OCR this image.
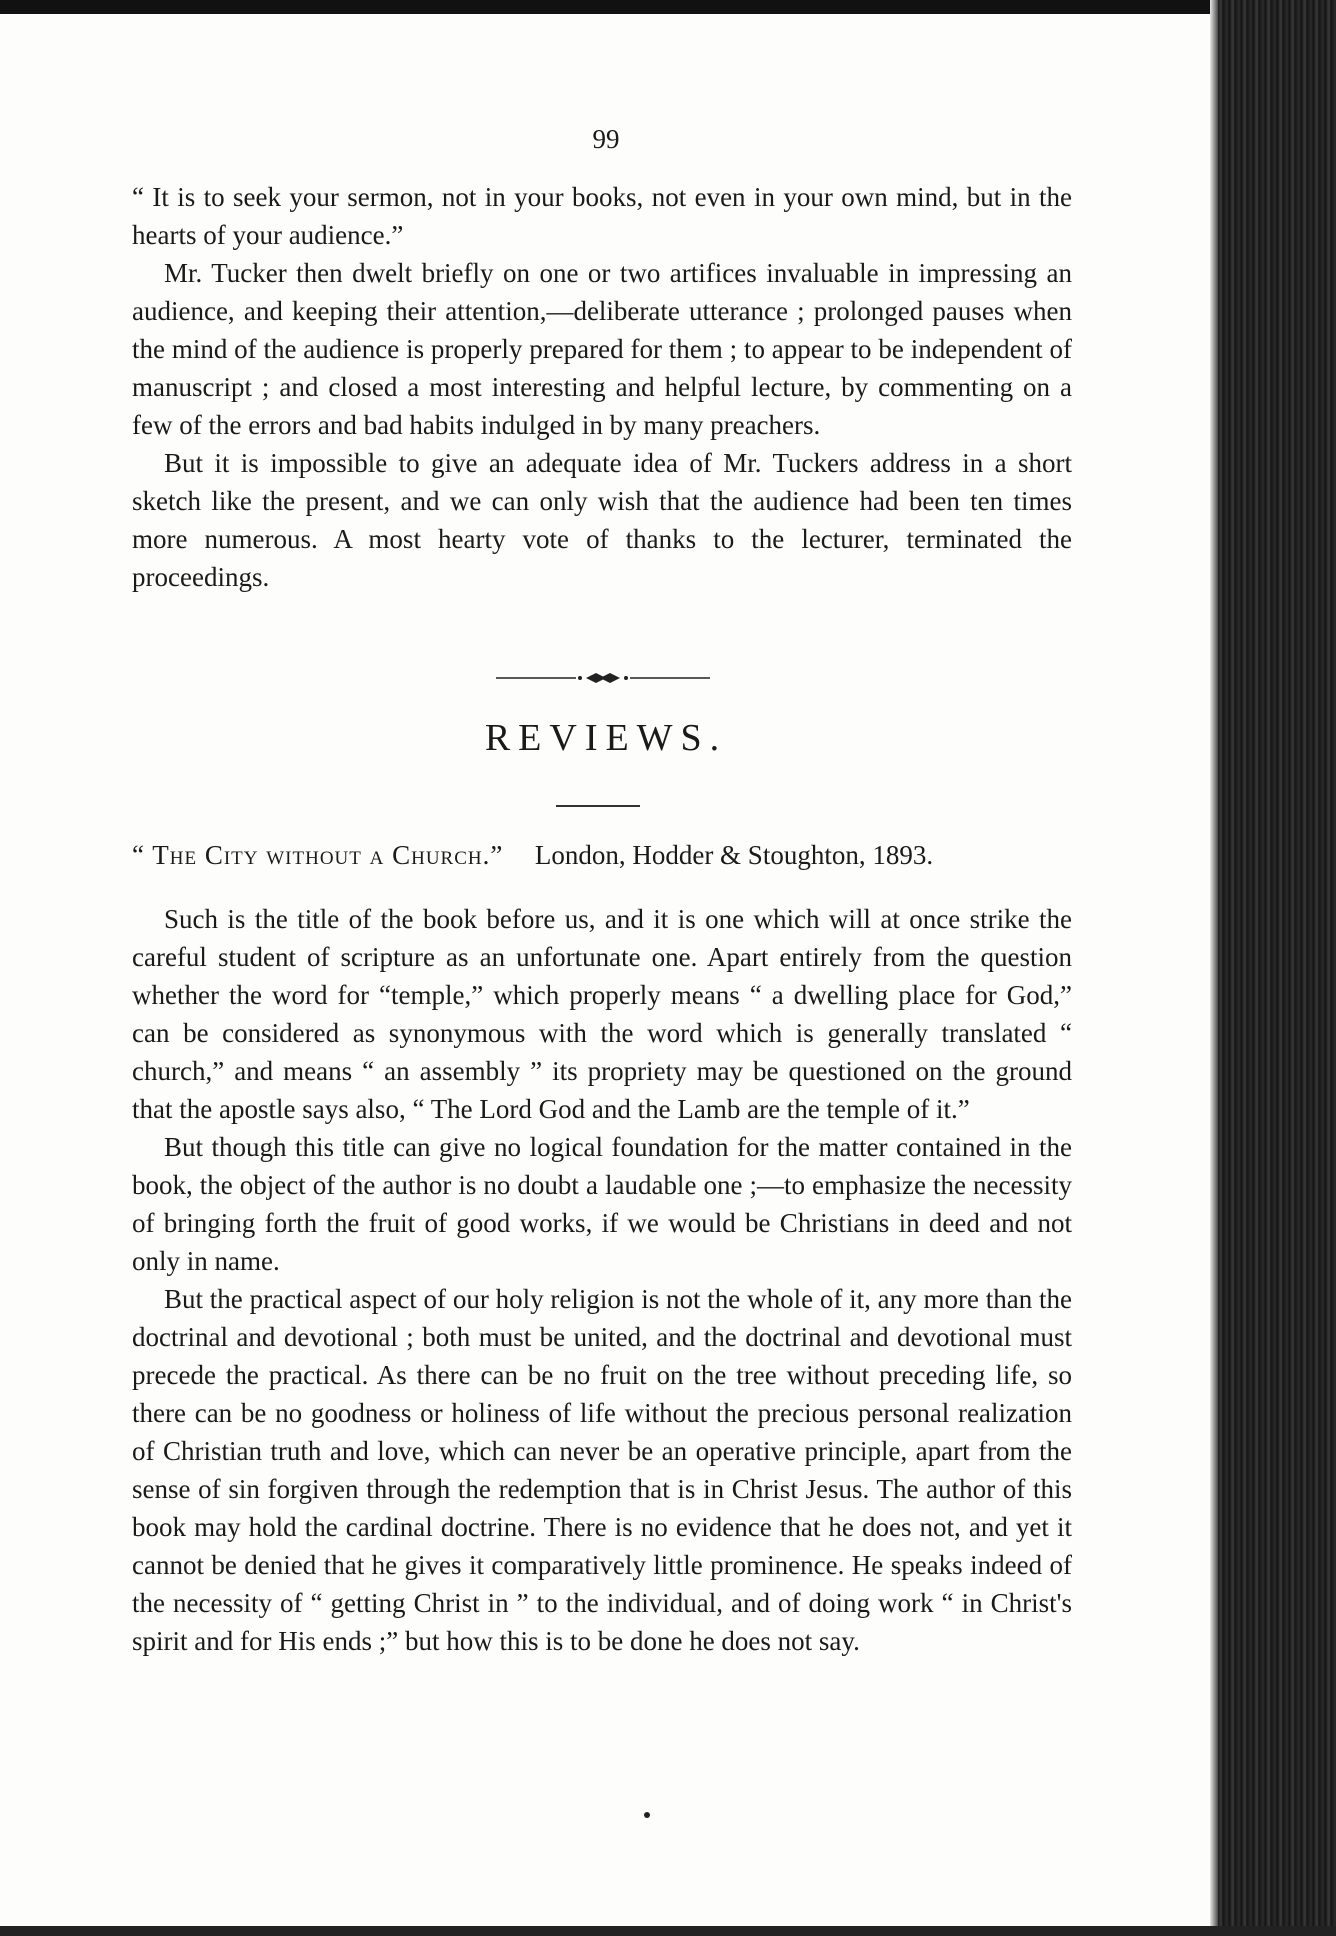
99

“ It is to seek your sermon, not in your books, not even in your own mind, but in the hearts of your audience.”

Mr. Tucker then dwelt briefly on one or two artifices invaluable in impressing an audience, and keeping their attention,—deliberate utterance ; prolonged pauses when the mind of the audience is properly prepared for them ; to appear to be independent of manuscript ; and closed a most interesting and helpful lecture, by commenting on a few of the errors and bad habits indulged in by many preachers.

But it is impossible to give an adequate idea of Mr. Tuckers address in a short sketch like the present, and we can only wish that the audience had been ten times more numerous. A most hearty vote of thanks to the lecturer, terminated the proceedings.

REVIEWS.
“ The City without a Church.” London, Hodder & Stoughton, 1893.

Such is the title of the book before us, and it is one which will at once strike the careful student of scripture as an unfortunate one. Apart entirely from the question whether the word for “temple,” which properly means “ a dwelling place for God,” can be considered as synonymous with the word which is generally translated “ church,” and means “ an assembly ” its propriety may be questioned on the ground that the apostle says also, “ The Lord God and the Lamb are the temple of it.”

But though this title can give no logical foundation for the matter contained in the book, the object of the author is no doubt a laudable one ;—to emphasize the necessity of bringing forth the fruit of good works, if we would be Christians in deed and not only in name.

But the practical aspect of our holy religion is not the whole of it, any more than the doctrinal and devotional ; both must be united, and the doctrinal and devotional must precede the practical. As there can be no fruit on the tree without preceding life, so there can be no goodness or holiness of life without the precious personal realization of Christian truth and love, which can never be an operative principle, apart from the sense of sin forgiven through the redemption that is in Christ Jesus. The author of this book may hold the cardinal doctrine. There is no evidence that he does not, and yet it cannot be denied that he gives it comparatively little prominence. He speaks indeed of the necessity of “ getting Christ in ” to the individual, and of doing work “ in Christ's spirit and for His ends ;” but how this is to be done he does not say.
